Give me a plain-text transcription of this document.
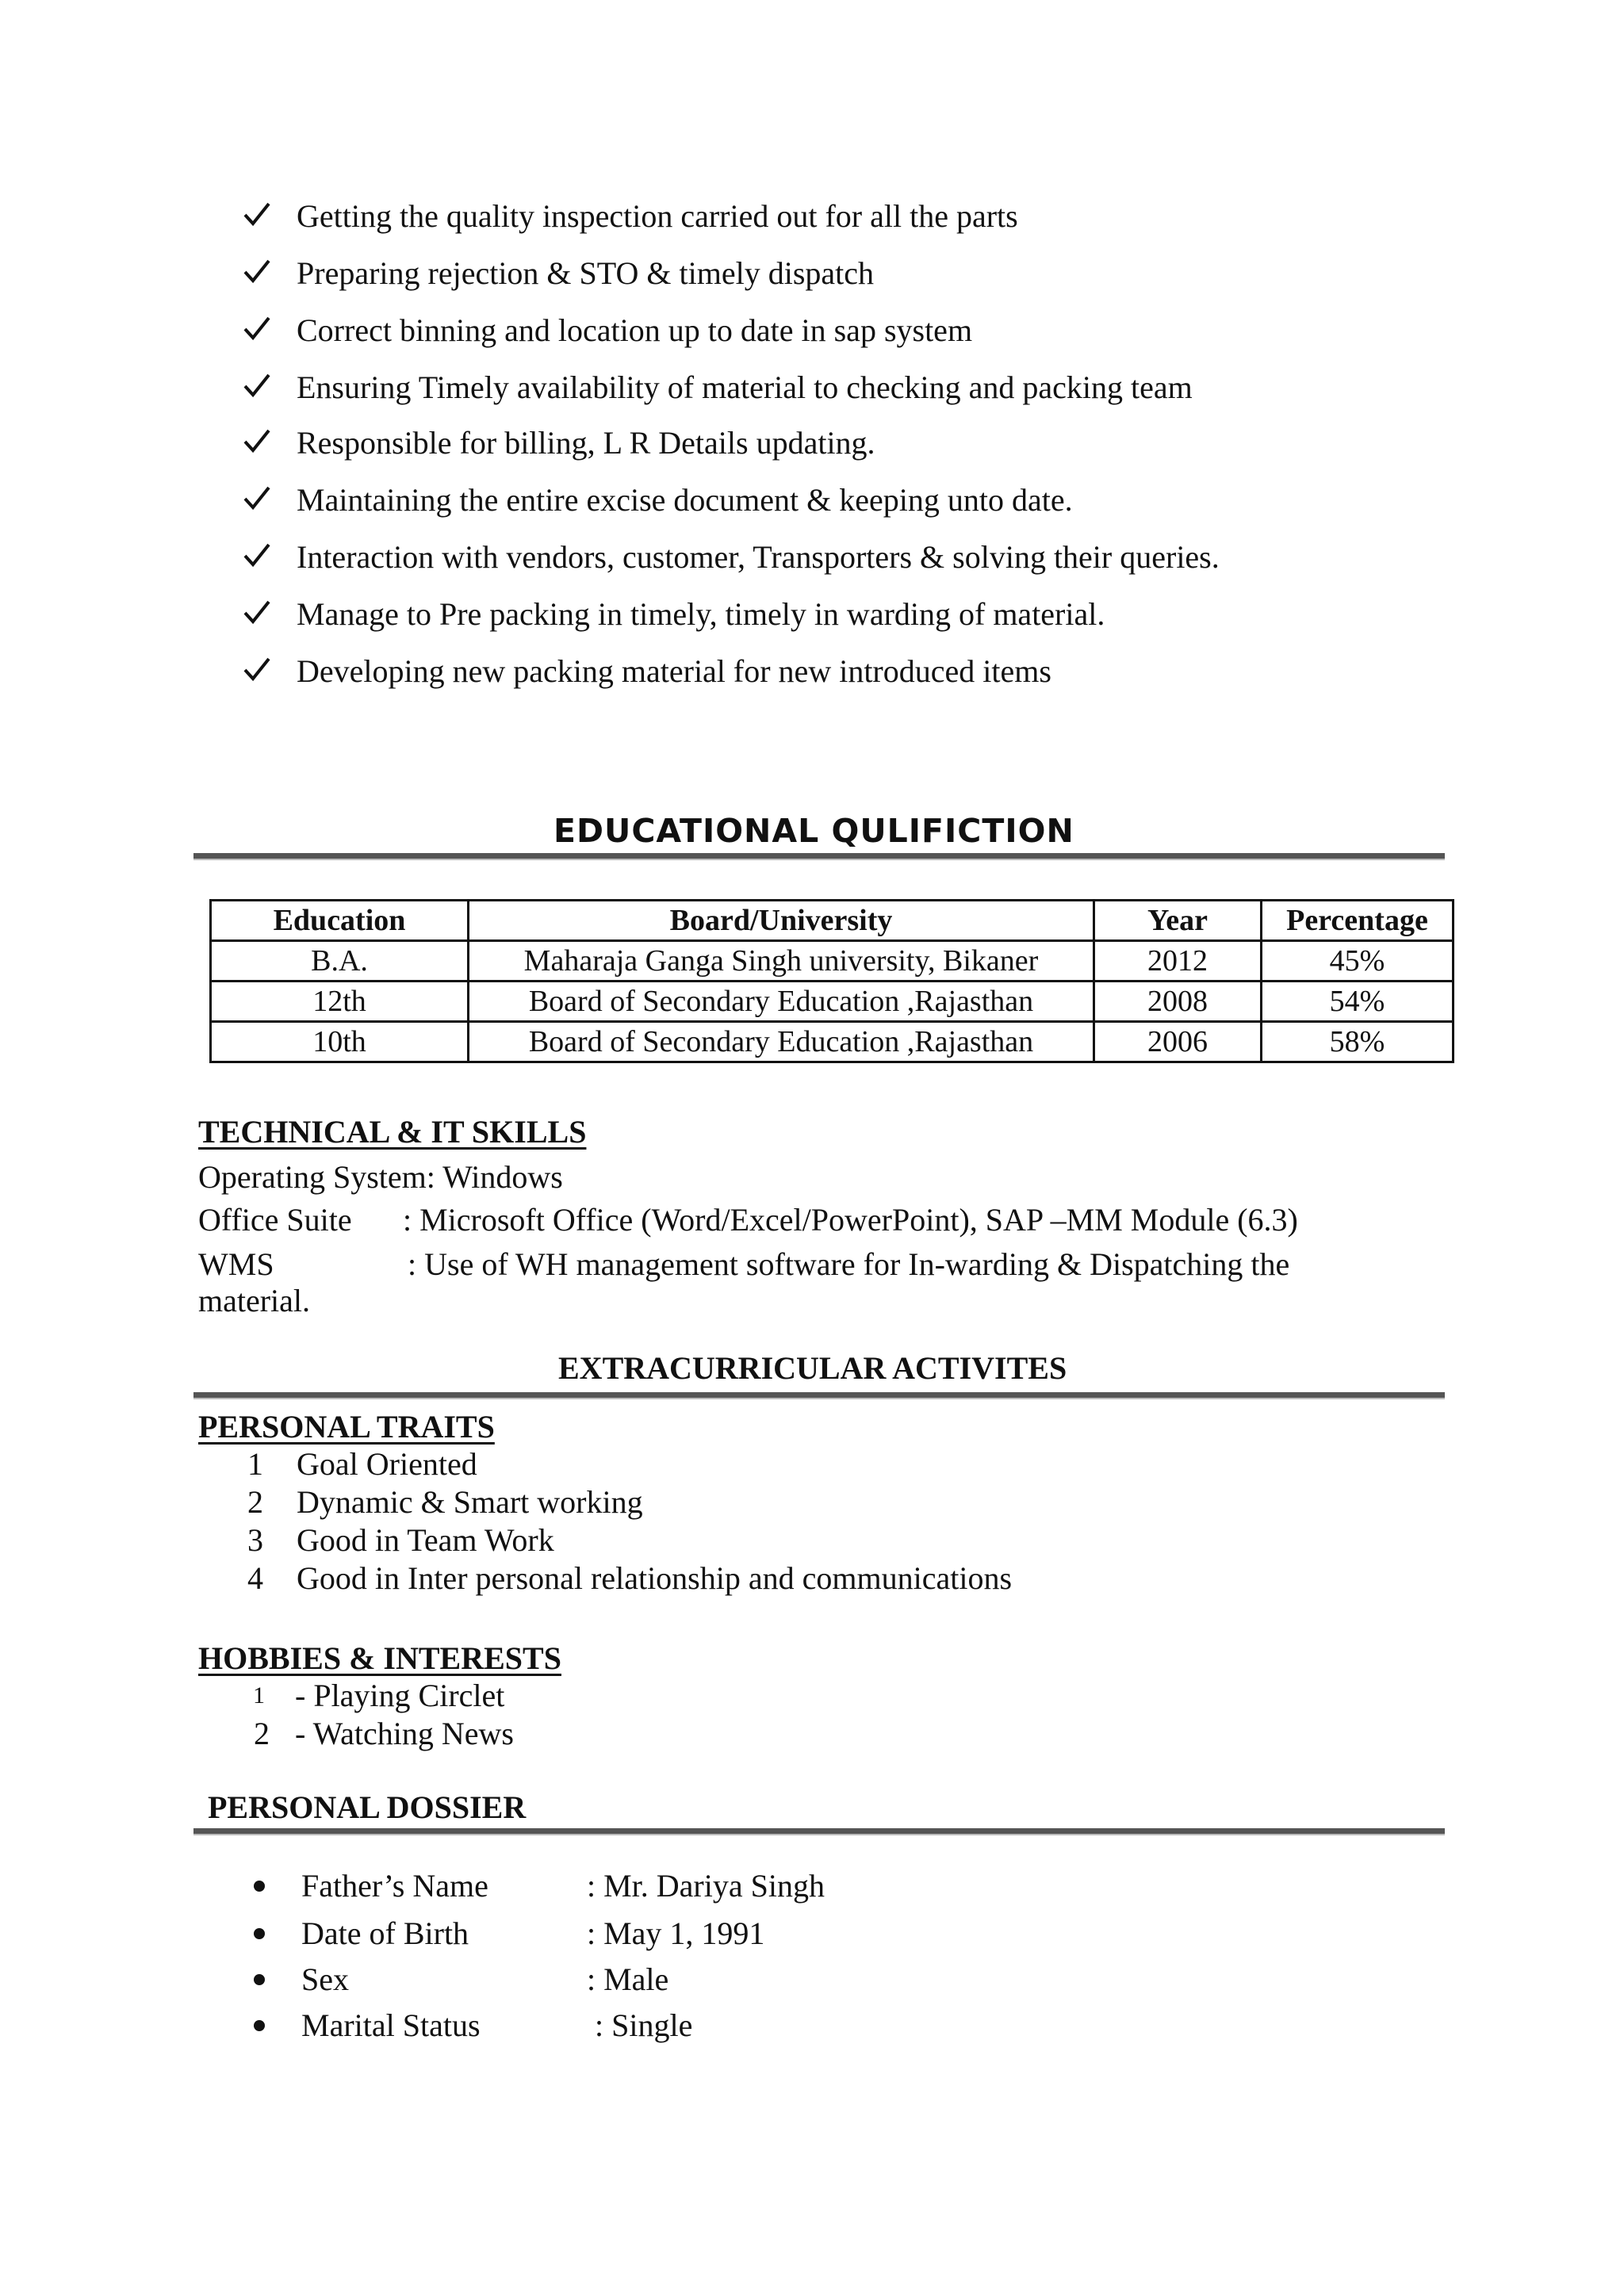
Getting the quality inspection carried out for all the parts
Preparing rejection & STO & timely dispatch
Correct binning and location up to date in sap system
Ensuring Timely availability of material to checking and packing team
Responsible for billing, L R Details updating.
Maintaining the entire excise document & keeping unto date.
Interaction with vendors, customer, Transporters & solving their queries.
Manage to Pre packing in timely, timely in warding of material.
Developing new packing material for new introduced items
EDUCATIONAL QULIFICTION
Education	Board/University	Year	Percentage
B.A.	Maharaja Ganga Singh university, Bikaner	2012	45%
12th	Board of Secondary Education ,Rajasthan	2008	54%
10th	Board of Secondary Education ,Rajasthan	2006	58%
TECHNICAL & IT SKILLS
Operating System: Windows
Office Suite : Microsoft Office (Word/Excel/PowerPoint), SAP –MM Module (6.3)
WMS	: Use of WH management software for In-warding & Dispatching the
material.
EXTRACURRICULAR ACTIVITES
PERSONAL TRAITS
1 Goal Oriented
2 Dynamic & Smart working
3 Good in Team Work
4 Good in Inter personal relationship and communications
HOBBIES & INTERESTS
1 - Playing Circlet
2 - Watching News
PERSONAL DOSSIER
Father’s Name	: Mr. Dariya Singh
Date of Birth	: May 1, 1991
Sex	: Male
Marital Status	: Single
